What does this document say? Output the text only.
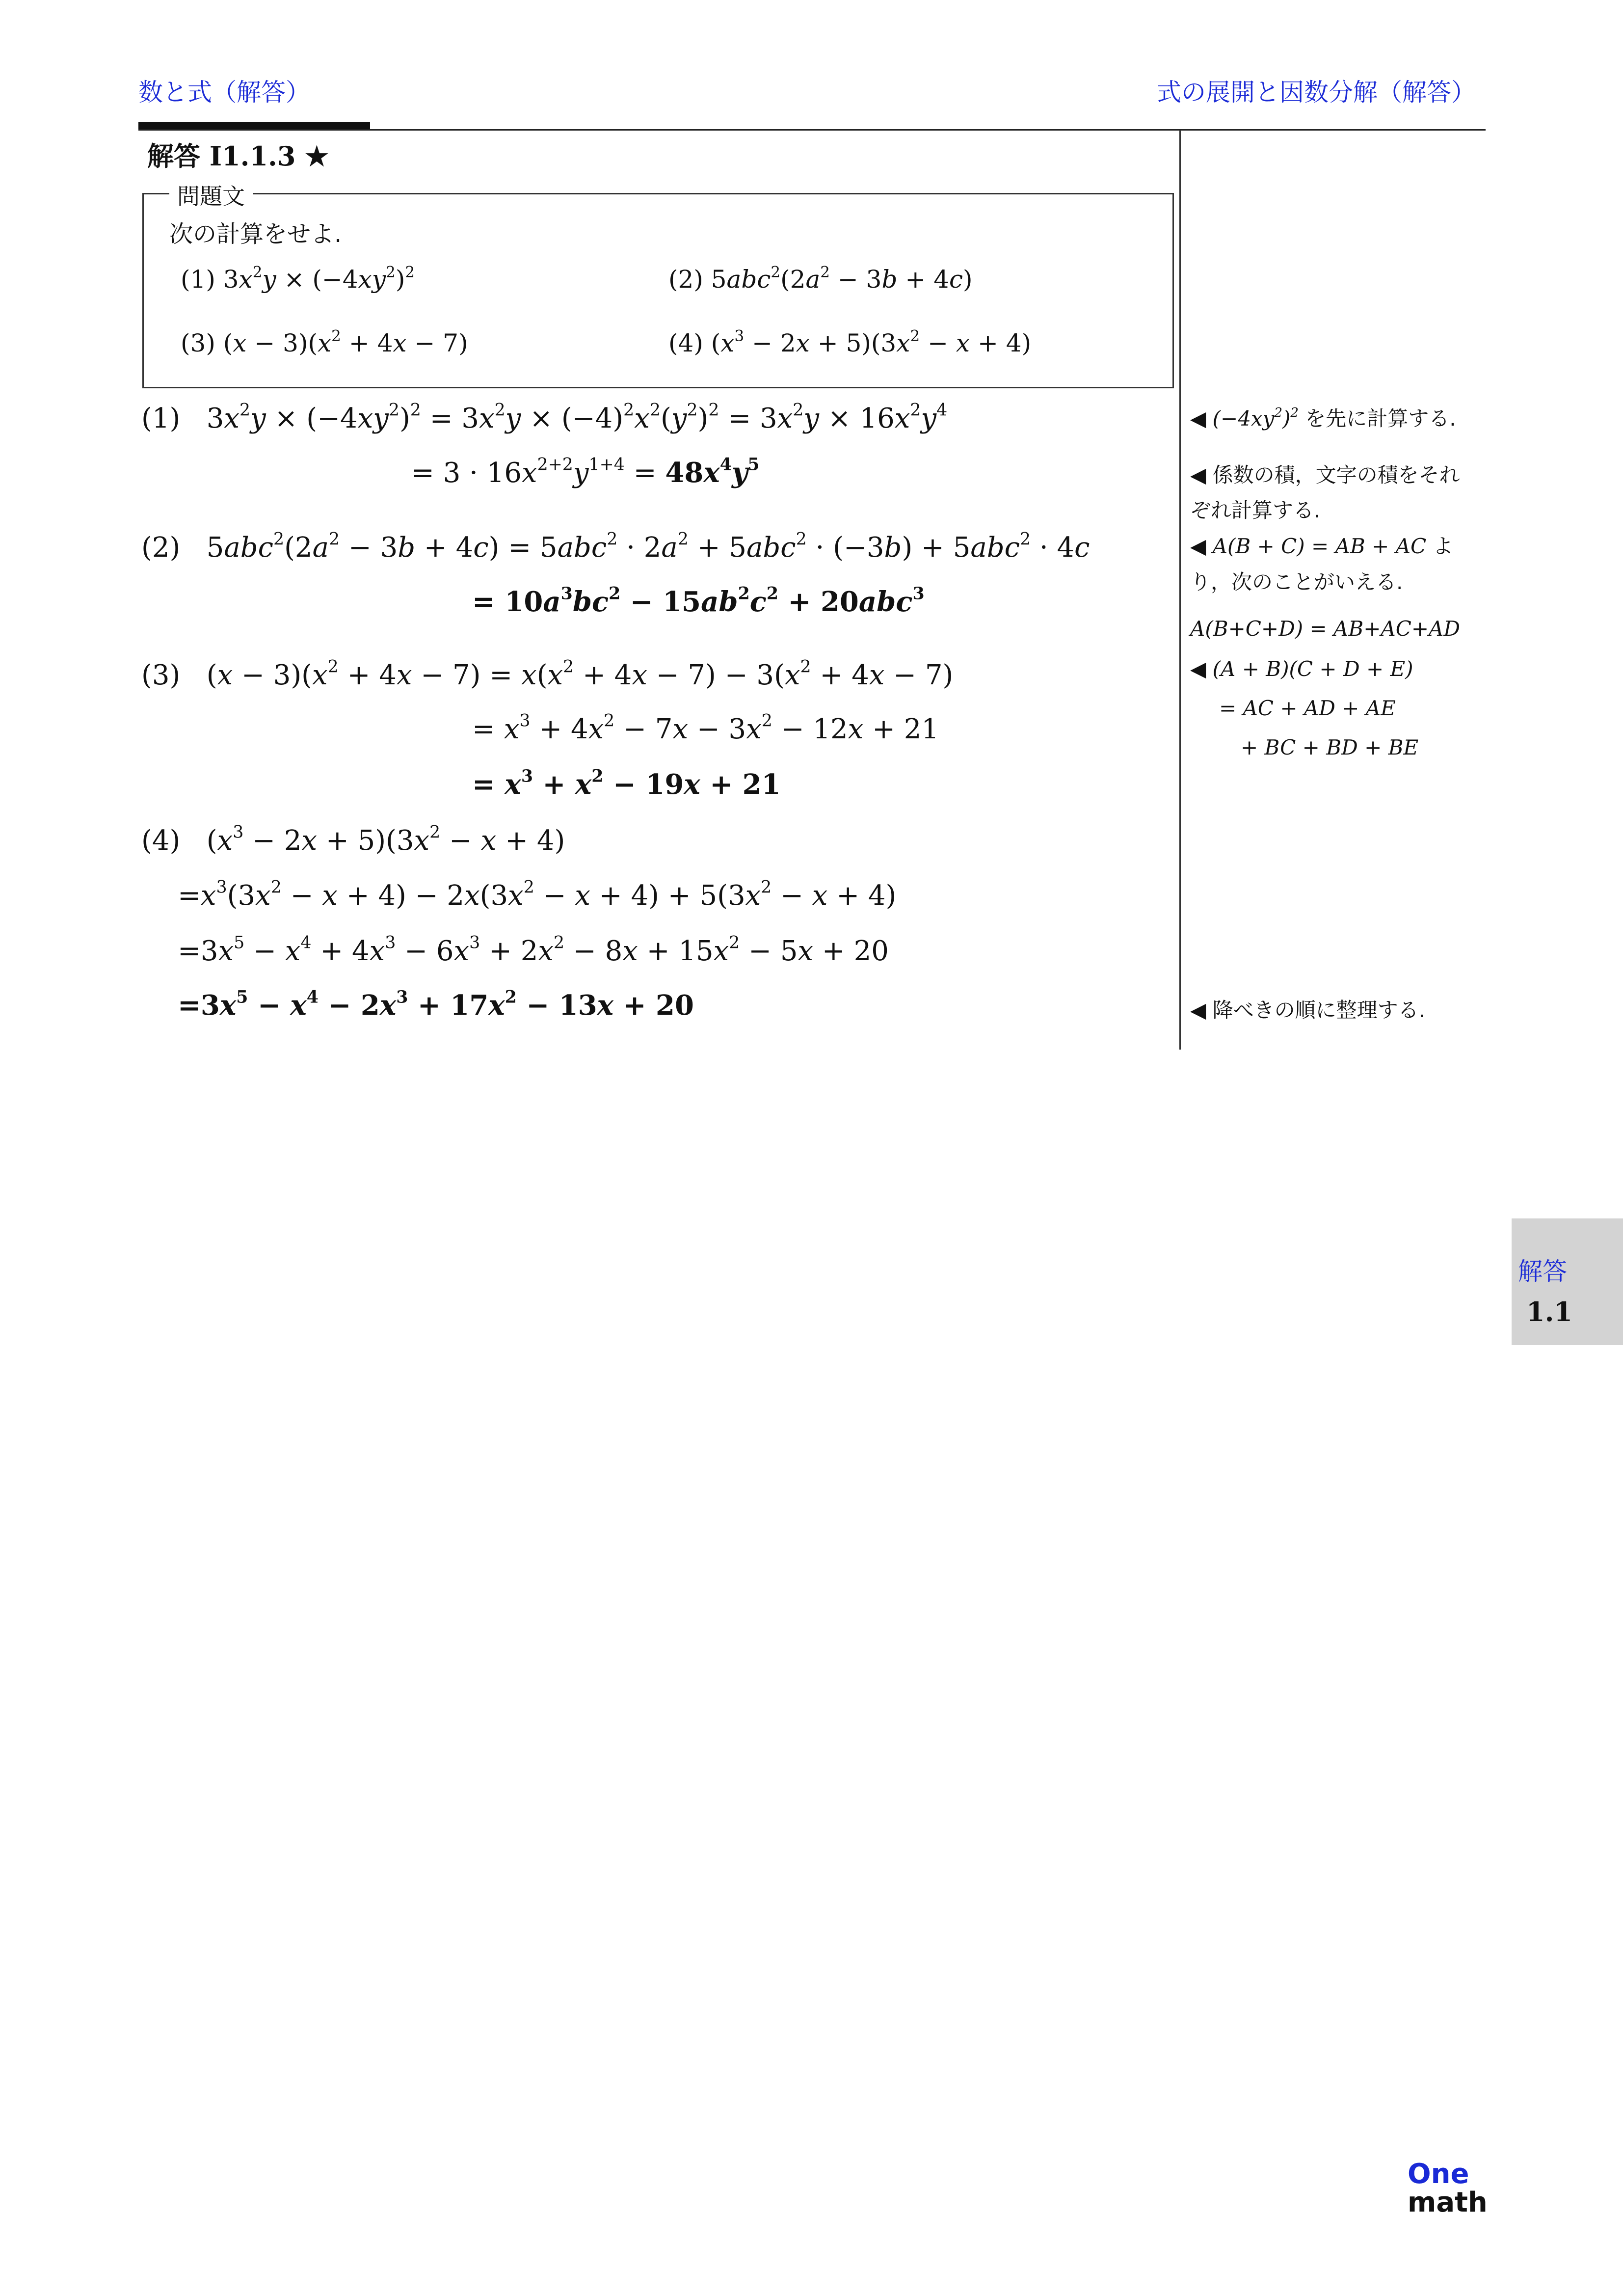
数と式（解答）	式の展開と因数分解（解答）
解答 I1.1.3 ★
問題文
次の計算をせよ.
(1) $3x^2y \times (-4xy^2)^2$	(2) $5abc^2(2a^2 - 3b + 4c)$
(3) $(x - 3)(x^2 + 4x - 7)$	(4) $(x^3 - 2x + 5)(3x^2 - x + 4)$
(1) $3x^2y \times (-4xy^2)^2 = 3x^2y \times (-4)^2x^2(y^2)^2 = 3x^2y \times 16x^2y^4$
= $3 \cdot 16x^{2+2}y^{1+4} = 48x^4y^5$
(2) $5abc^2(2a^2 - 3b + 4c) = 5abc^2 \cdot 2a^2 + 5abc^2 \cdot (-3b) + 5abc^2 \cdot 4c$
= $10a^3bc^2 - 15ab^2c^2 + 20abc^3$
(3) $(x - 3)(x^2 + 4x - 7) = x(x^2 + 4x - 7) - 3(x^2 + 4x - 7)$
= $x^3 + 4x^2 - 7x - 3x^2 - 12x + 21$
= $x^3 + x^2 - 19x + 21$
(4) $(x^3 - 2x + 5)(3x^2 - x + 4)$
$=x^3(3x^2 - x + 4) - 2x(3x^2 - x + 4) + 5(3x^2 - x + 4)$
$=3x^5 - x^4 + 4x^3 - 6x^3 + 2x^2 - 8x + 15x^2 - 5x + 20$
$=3x^5 - x^4 - 2x^3 + 17x^2 - 13x + 20$
◀ $(-4xy^2)^2$ を先に計算する.
◀ 係数の積，文字の積をそれ
ぞれ計算する.
◀ A(B + C) = AB + AC よ
り，次のことがいえる.
A(B+C+D) = AB+AC+AD
◀ (A + B)(C + D + E)
= AC + AD + AE
+ BC + BD + BE
◀ 降べきの順に整理する.
解答
1.1
One
math
